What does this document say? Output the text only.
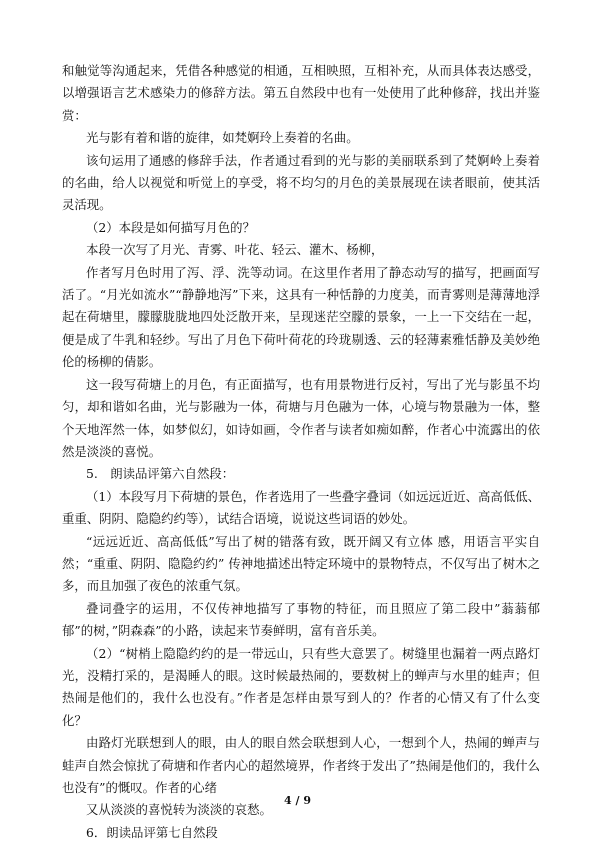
和触觉等沟通起来，凭借各种感觉的相通，互相映照，互相补充，从而具体表达感受，以增强语言艺术感染力的修辞方法。第五自然段中也有一处使用了此种修辞，找出并鉴赏：

光与影有着和谐的旋律，如梵婀玲上奏着的名曲。

该句运用了通感的修辞手法，作者通过看到的光与影的美丽联系到了梵婀岭上奏着的名曲，给人以视觉和听觉上的享受，将不均匀的月色的美景展现在读者眼前，使其活灵活现。

（2）本段是如何描写月色的？

本段一次写了月光、青雾、叶花、轻云、灌木、杨柳，

作者写月色时用了泻、浮、洗等动词。在这里作者用了静态动写的描写，把画面写活了。“月光如流水”“静静地泻”下来，这具有一种恬静的力度美，而青雾则是薄薄地浮起在荷塘里，朦朦胧胧地四处泛散开来，呈现迷茫空朦的景象，一上一下交结在一起，便是成了牛乳和轻纱。写出了月色下荷叶荷花的玲珑剔透、云的轻薄素雅恬静及美妙绝伦的杨柳的倩影。

这一段写荷塘上的月色，有正面描写，也有用景物进行反衬，写出了光与影虽不均匀，却和谐如名曲，光与影融为一体，荷塘与月色融为一体，心境与物景融为一体，整个天地浑然一体，如梦似幻，如诗如画，令作者与读者如痴如醉，作者心中流露出的依然是淡淡的喜悦。

5.　朗读品评第六自然段：

（1）本段写月下荷塘的景色，作者选用了一些叠字叠词（如远远近近、高高低低、重重、阴阴、隐隐约约等），试结合语境，说说这些词语的妙处。

“远远近近、高高低低”写出了树的错落有致，既开阔又有立体 感，用语言平实自然；“重重、阴阴、隐隐约约” 传神地描述出特定环境中的景物特点，不仅写出了树木之多，而且加强了夜色的浓重气氛。

叠词叠字的运用，不仅传神地描写了事物的特征，而且照应了第二段中”蓊蓊郁郁”的树，”阴森森”的小路，读起来节奏鲜明，富有音乐美。

（2）“树梢上隐隐约约的是一带远山，只有些大意罢了。树缝里也漏着一两点路灯光，没精打采的，是渴睡人的眼。这时候最热闹的，要数树上的蝉声与水里的蛙声；但热闹是他们的，我什么也没有。”作者是怎样由景写到人的？作者的心情又有了什么变化？

由路灯光联想到人的眼，由人的眼自然会联想到人心，一想到个人，热闹的蝉声与蛙声自然会惊扰了荷塘和作者内心的超然境界，作者终于发出了”热闹是他们的，我什么也没有”的慨叹。作者的心绪

又从淡淡的喜悦转为淡淡的哀愁。

6．朗读品评第七自然段

4 / 9
